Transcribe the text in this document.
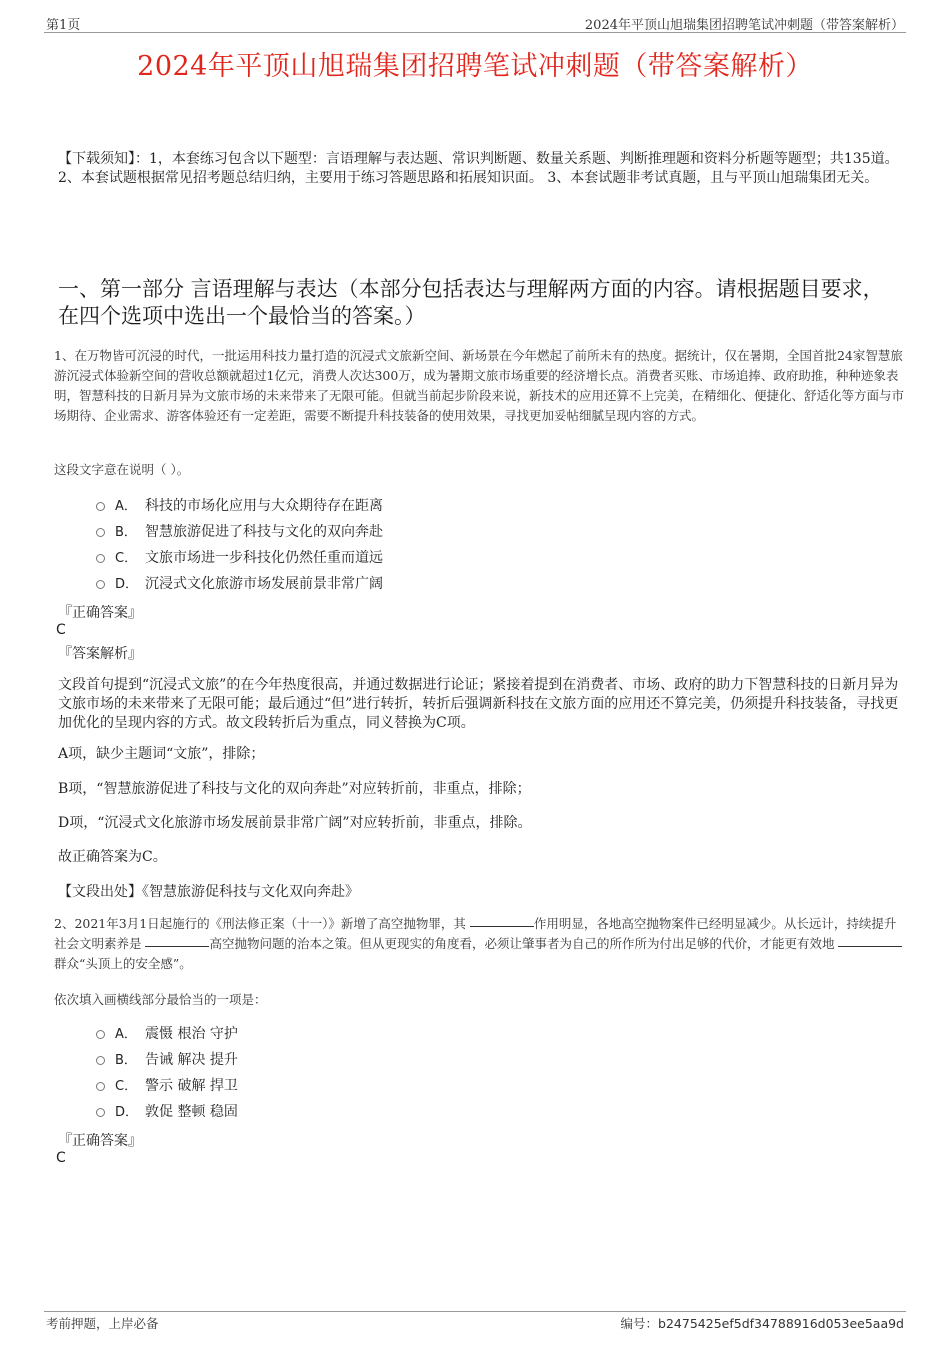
第1页	2024年平顶山旭瑞集团招聘笔试冲刺题（带答案解析）
2024年平顶山旭瑞集团招聘笔试冲刺题（带答案解析）
【下载须知】：1，本套练习包含以下题型：言语理解与表达题、常识判断题、数量关系题、判断推理题和资料分析题等题型；共135道。 2、本套试题根据常见招考题总结归纳，主要用于练习答题思路和拓展知识面。 3、本套试题非考试真题，且与平顶山旭瑞集团无关。
一、第一部分 言语理解与表达（本部分包括表达与理解两方面的内容。请根据题目要求，在四个选项中选出一个最恰当的答案。）
1、在万物皆可沉浸的时代，一批运用科技力量打造的沉浸式文旅新空间、新场景在今年燃起了前所未有的热度。据统计，仅在暑期，全国首批24家智慧旅游沉浸式体验新空间的营收总额就超过1亿元，消费人次达300万，成为暑期文旅市场重要的经济增长点。消费者买账、市场追捧、政府助推，种种迹象表明，智慧科技的日新月异为文旅市场的未来带来了无限可能。但就当前起步阶段来说，新技术的应用还算不上完美，在精细化、便捷化、舒适化等方面与市场期待、企业需求、游客体验还有一定差距，需要不断提升科技装备的使用效果，寻找更加妥帖细腻呈现内容的方式。
这段文字意在说明（ ）。
A． 科技的市场化应用与大众期待存在距离
B． 智慧旅游促进了科技与文化的双向奔赴
C． 文旅市场进一步科技化仍然任重而道远
D． 沉浸式文化旅游市场发展前景非常广阔
『正确答案』
C
『答案解析』
文段首句提到“沉浸式文旅”的在今年热度很高，并通过数据进行论证；紧接着提到在消费者、市场、政府的助力下智慧科技的日新月异为文旅市场的未来带来了无限可能；最后通过“但”进行转折，转折后强调新科技在文旅方面的应用还不算完美，仍须提升科技装备，寻找更加优化的呈现内容的方式。故文段转折后为重点，同义替换为C项。
A项，缺少主题词“文旅”，排除；
B项，“智慧旅游促进了科技与文化的双向奔赴”对应转折前，非重点，排除；
D项，“沉浸式文化旅游市场发展前景非常广阔”对应转折前，非重点，排除。
故正确答案为C。
【文段出处】《智慧旅游促科技与文化双向奔赴》
2、2021年3月1日起施行的《刑法修正案（十一）》新增了高空抛物罪，其	作用明显，各地高空抛物案件已经明显减少。从长远计，持续提升社会文明素养是	高空抛物问题的治本之策。但从更现实的角度看，必须让肇事者为自己的所作所为付出足够的代价，才能更有效地 群众“头顶上的安全感”。
依次填入画横线部分最恰当的一项是：
A． 震慑 根治 守护
B． 告诫 解决 提升
C． 警示 破解 捍卫
D． 敦促 整顿 稳固
『正确答案』
C
考前押题，上岸必备	编号：b2475425ef5df34788916d053ee5aa9d
